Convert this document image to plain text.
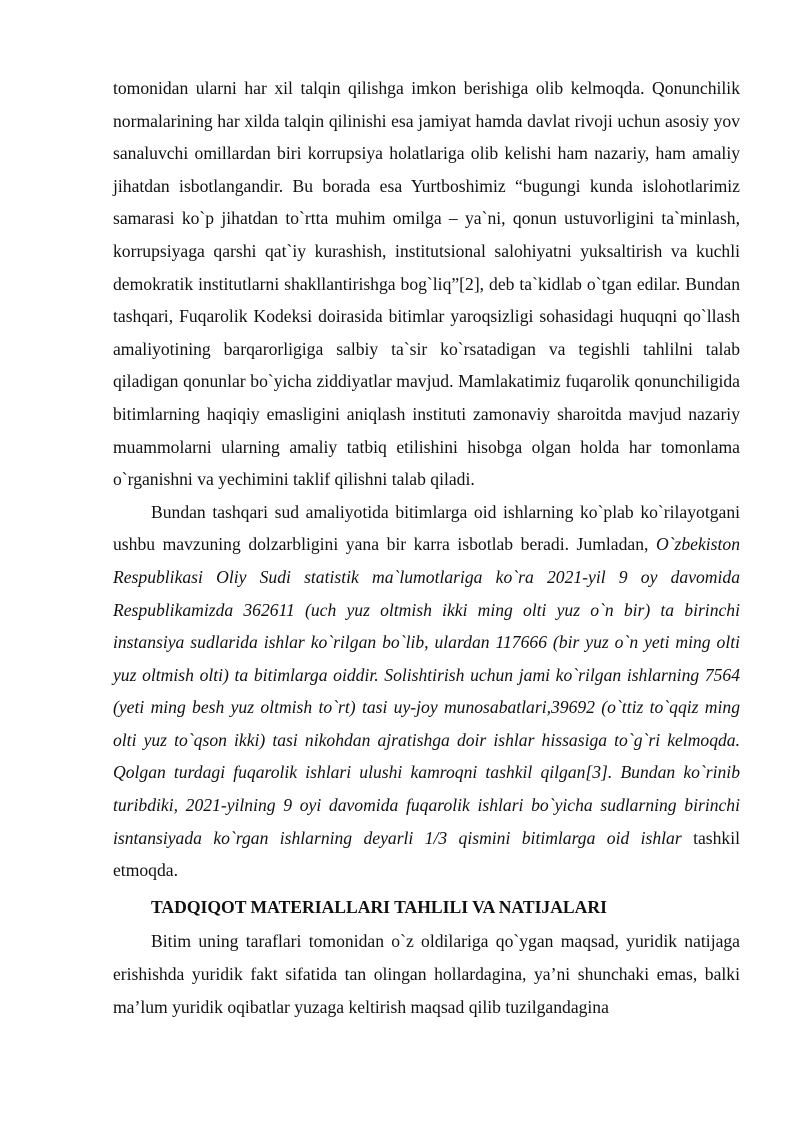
tomonidan ularni har xil talqin qilishga imkon berishiga olib kelmoqda. Qonunchilik normalarining har xilda talqin qilinishi esa jamiyat hamda davlat rivoji uchun asosiy yov sanaluvchi omillardan biri korrupsiya holatlariga olib kelishi ham nazariy, ham amaliy jihatdan isbotlangandir. Bu borada esa Yurtboshimiz “bugungi kunda islohotlarimiz samarasi ko`p jihatdan to`rtta muhim omilga – ya`ni, qonun ustuvorligini ta`minlash, korrupsiyaga qarshi qat`iy kurashish, institutsional salohiyatni yuksaltirish va kuchli demokratik institutlarni shakllantirishga bog`liq”[2], deb ta`kidlab o`tgan edilar. Bundan tashqari, Fuqarolik Kodeksi doirasida bitimlar yaroqsizligi sohasidagi huquqni qo`llash amaliyotining barqarorligiga salbiy ta`sir ko`rsatadigan va tegishli tahlilni talab qiladigan qonunlar bo`yicha ziddiyatlar mavjud. Mamlakatimiz fuqarolik qonunchiligida bitimlarning haqiqiy emasligini aniqlash instituti zamonaviy sharoitda mavjud nazariy muammolarni ularning amaliy tatbiq etilishini hisobga olgan holda har tomonlama o`rganishni va yechimini taklif qilishni talab qiladi.

Bundan tashqari sud amaliyotida bitimlarga oid ishlarning ko`plab ko`rilayotgani ushbu mavzuning dolzarbligini yana bir karra isbotlab beradi. Jumladan, O`zbekiston Respublikasi Oliy Sudi statistik ma`lumotlariga ko`ra 2021-yil 9 oy davomida Respublikamizda 362611 (uch yuz oltmish ikki ming olti yuz o`n bir) ta birinchi instansiya sudlarida ishlar ko`rilgan bo`lib, ulardan 117666 (bir yuz o`n yeti ming olti yuz oltmish olti) ta bitimlarga oiddir. Solishtirish uchun jami ko`rilgan ishlarning 7564 (yeti ming besh yuz oltmish to`rt) tasi uy-joy munosabatlari,39692 (o`ttiz to`qqiz ming olti yuz to`qson ikki) tasi nikohdan ajratishga doir ishlar hissasiga to`g`ri kelmoqda. Qolgan turdagi fuqarolik ishlari ulushi kamroqni tashkil qilgan[3]. Bundan ko`rinib turibdiki, 2021-yilning 9 oyi davomida fuqarolik ishlari bo`yicha sudlarning birinchi isntansiyada ko`rgan ishlarning deyarli 1/3 qismini bitimlarga oid ishlar tashkil etmoqda.

TADQIQOT MATERIALLARI TAHLILI VA NATIJALARI

Bitim uning taraflari tomonidan o`z oldilariga qo`ygan maqsad, yuridik natijaga erishishda yuridik fakt sifatida tan olingan hollardagina, ya’ni shunchaki emas, balki ma’lum yuridik oqibatlar yuzaga keltirish maqsad qilib tuzilgandagina
